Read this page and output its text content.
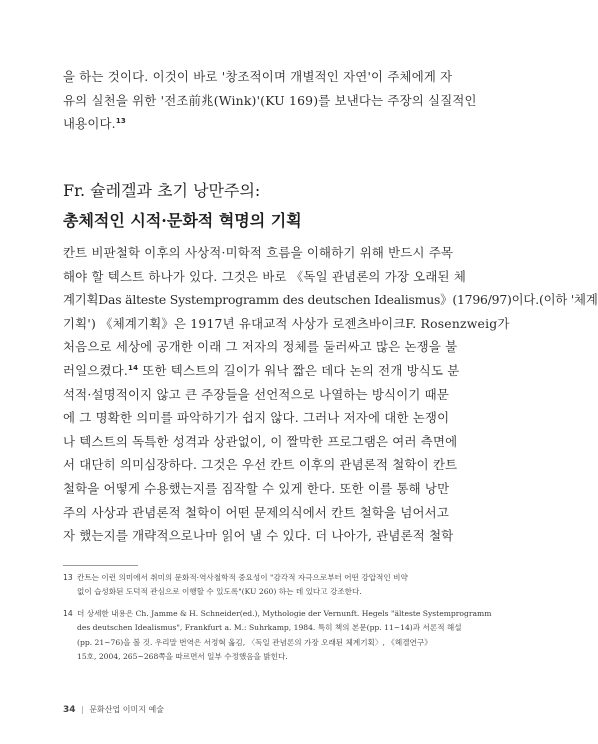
을 하는 것이다. 이것이 바로 '창조적이며 개별적인 자연'이 주체에게 자

유의 실천을 위한 '전조前兆(Wink)'(KU 169)를 보낸다는 주장의 실질적인

내용이다.$^{13}$

Fr. 슐레겔과 초기 낭만주의:
총체적인 시적·문화적 혁명의 기획

칸트 비판철학 이후의 사상적·미학적 흐름을 이해하기 위해 반드시 주목

해야 할 텍스트 하나가 있다. 그것은 바로 《독일 관념론의 가장 오래된 체

계기획Das älteste Systemprogramm des deutschen Idealismus》(1796/97)이다.(이하 '체계

기획') 《체계기획》은 1917년 유대교적 사상가 로젠츠바이크F. Rosenzweig가

처음으로 세상에 공개한 이래 그 저자의 정체를 둘러싸고 많은 논쟁을 불

러일으켰다.$^{14}$ 또한 텍스트의 길이가 워낙 짧은 데다 논의 전개 방식도 분

석적·설명적이지 않고 큰 주장들을 선언적으로 나열하는 방식이기 때문

에 그 명확한 의미를 파악하기가 쉽지 않다. 그러나 저자에 대한 논쟁이

나 텍스트의 독특한 성격과 상관없이, 이 짤막한 프로그램은 여러 측면에

서 대단히 의미심장하다. 그것은 우선 칸트 이후의 관념론적 철학이 칸트

철학을 어떻게 수용했는지를 짐작할 수 있게 한다. 또한 이를 통해 낭만

주의 사상과 관념론적 철학이 어떤 문제의식에서 칸트 철학을 넘어서고

자 했는지를 개략적으로나마 읽어 낼 수 있다. 더 나아가, 관념론적 철학

13 칸트는 이런 의미에서 취미의 문화적·역사철학적 중요성이 "감각적 자극으로부터 어떤 강압적인 비약
없이 습성화된 도덕적 관심으로 이행할 수 있도록"(KU 260) 하는 데 있다고 강조한다.
14 더 상세한 내용은 Ch. Jamme & H. Schneider(ed.), Mythologie der Vernunft. Hegels "älteste Systemprogramm
des deutschen Idealismus", Frankfurt a. M.: Suhrkamp, 1984. 특히 책의 본문(pp. 11~14)과 서론적 해설
(pp. 21~76)을 볼 것. 우리말 번역은 서정혁 옮김, 〈독일 관념론의 가장 오래된 체계기획〉, 《헤겔연구》
15호, 2004, 265~268쪽을 따르면서 일부 수정했음을 밝힌다.
34 | 문화산업 이미지 예술
